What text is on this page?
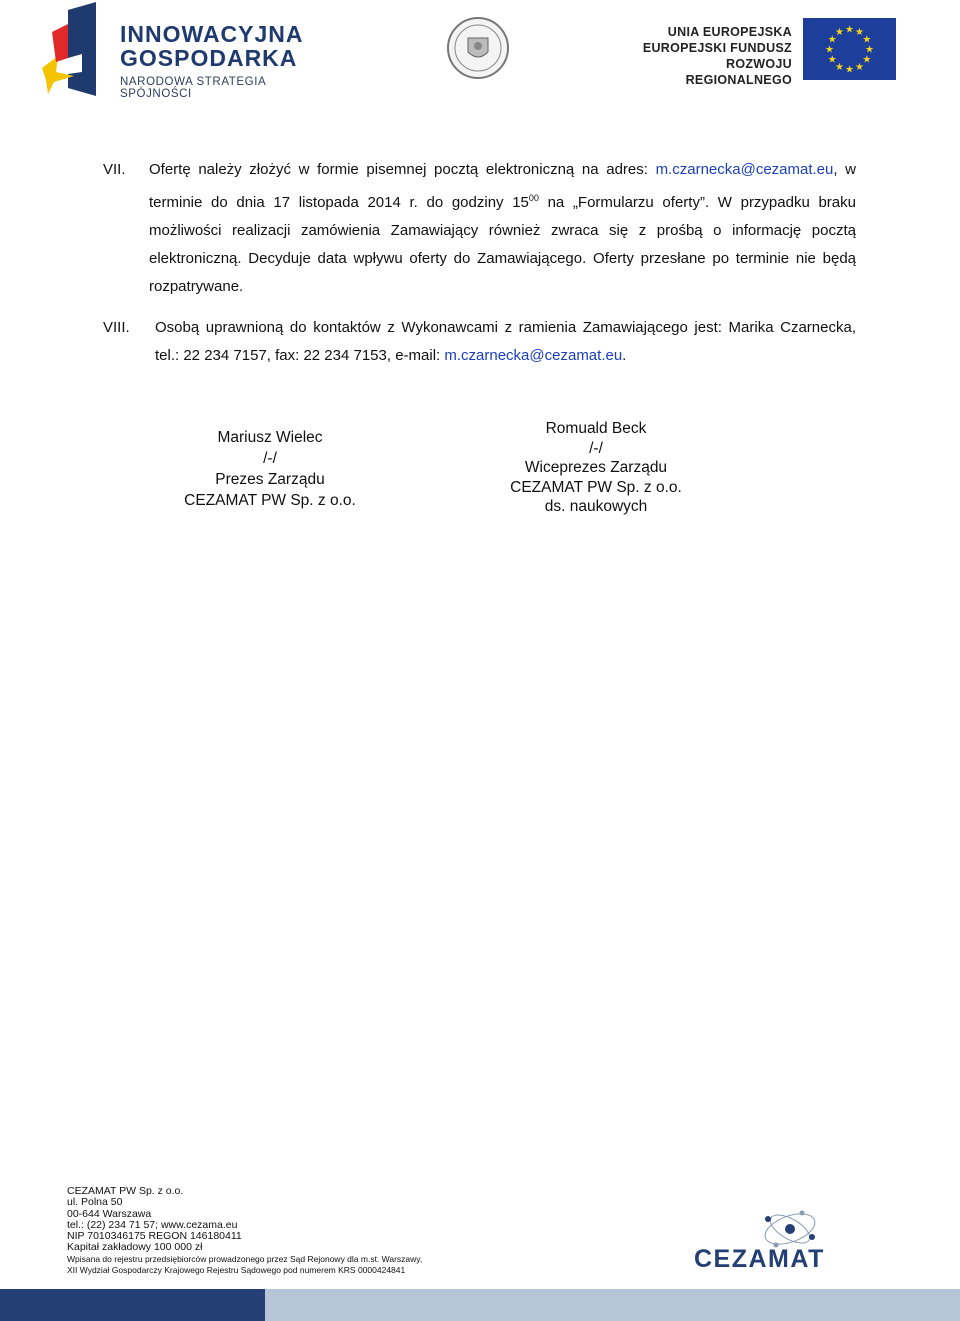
INNOWACYJNA
GOSPODARKA
NARODOWA STRATEGIA SPÓJNOŚCI
UNIA EUROPEJSKA
EUROPEJSKI FUNDUSZ
ROZWOJU REGIONALNEGO
★ ★
★
★
★
★
★
★
★
★
★
★
VII. Ofertę należy złożyć w formie pisemnej pocztą elektroniczną na adres: m.czarnecka@cezamat.eu, w terminie do dnia 17 listopada 2014 r. do godziny $15^{00}$ na „Formularzu oferty”. W przypadku braku możliwości realizacji zamówienia Zamawiający również zwraca się z prośbą o informację pocztą elektroniczną. Decyduje data wpływu oferty do Zamawiającego. Oferty przesłane po terminie nie będą rozpatrywane.
VIII. Osobą uprawnioną do kontaktów z Wykonawcami z ramienia Zamawiającego jest: Marika Czarnecka, tel.: 22 234 7157, fax: 22 234 7153, e-mail: m.czarnecka@cezamat.eu.
Mariusz Wielec
/-/
Prezes Zarządu
CEZAMAT PW Sp. z o.o.
Romuald Beck
/-/
Wiceprezes Zarządu
CEZAMAT PW Sp. z o.o.
ds. naukowych
CEZAMAT PW Sp. z o.o.
ul. Polna 50
00-644 Warszawa
tel.: (22) 234 71 57; www.cezama.eu
NIP 7010346175 REGON 146180411
Kapitał zakładowy 100 000 zł
Wpisana do rejestru przedsiębiorców prowadzonego przez Sąd Rejonowy dla m.st. Warszawy,
XII Wydział Gospodarczy Krajowego Rejestru Sądowego pod numerem KRS 0000424841	CEZAMAT
